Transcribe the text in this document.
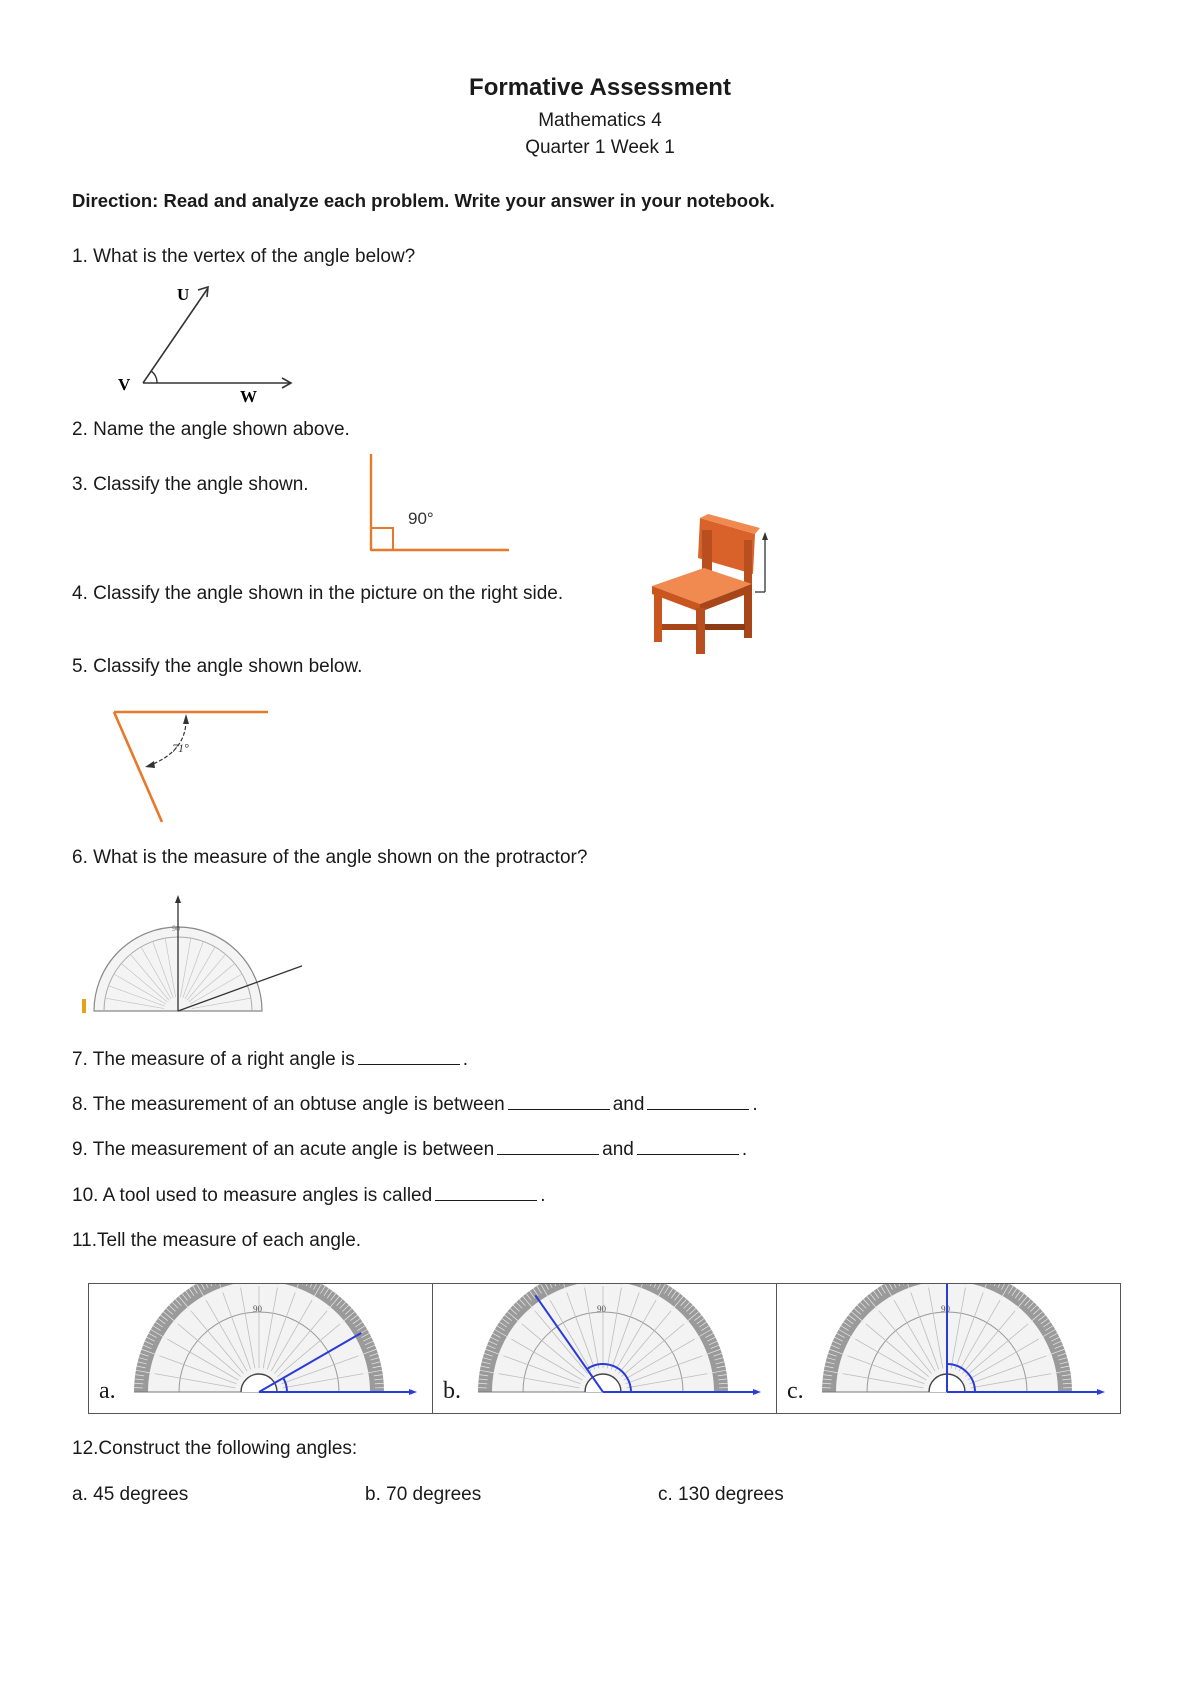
Formative Assessment
Mathematics 4
Quarter 1 Week 1
Direction: Read and analyze each problem. Write your answer in your notebook.
1. What is the vertex of the angle below?
U
V
W
2. Name the angle shown above.
3. Classify the angle shown.
90°
4. Classify the angle shown in the picture on the right side.
5. Classify the angle shown below.
71°
6. What is the measure of the angle shown on the protractor?
90
7. The measure of a right angle is	.
8. The measurement of an obtuse angle is between	and	.
9. The measurement of an acute angle is between	and	.
10. A tool used to measure angles is called	.
11.Tell the measure of each angle.
90
a.
90
b.
90
c.
12.Construct the following angles:
a. 45 degrees	b. 70 degrees	c. 130 degrees
